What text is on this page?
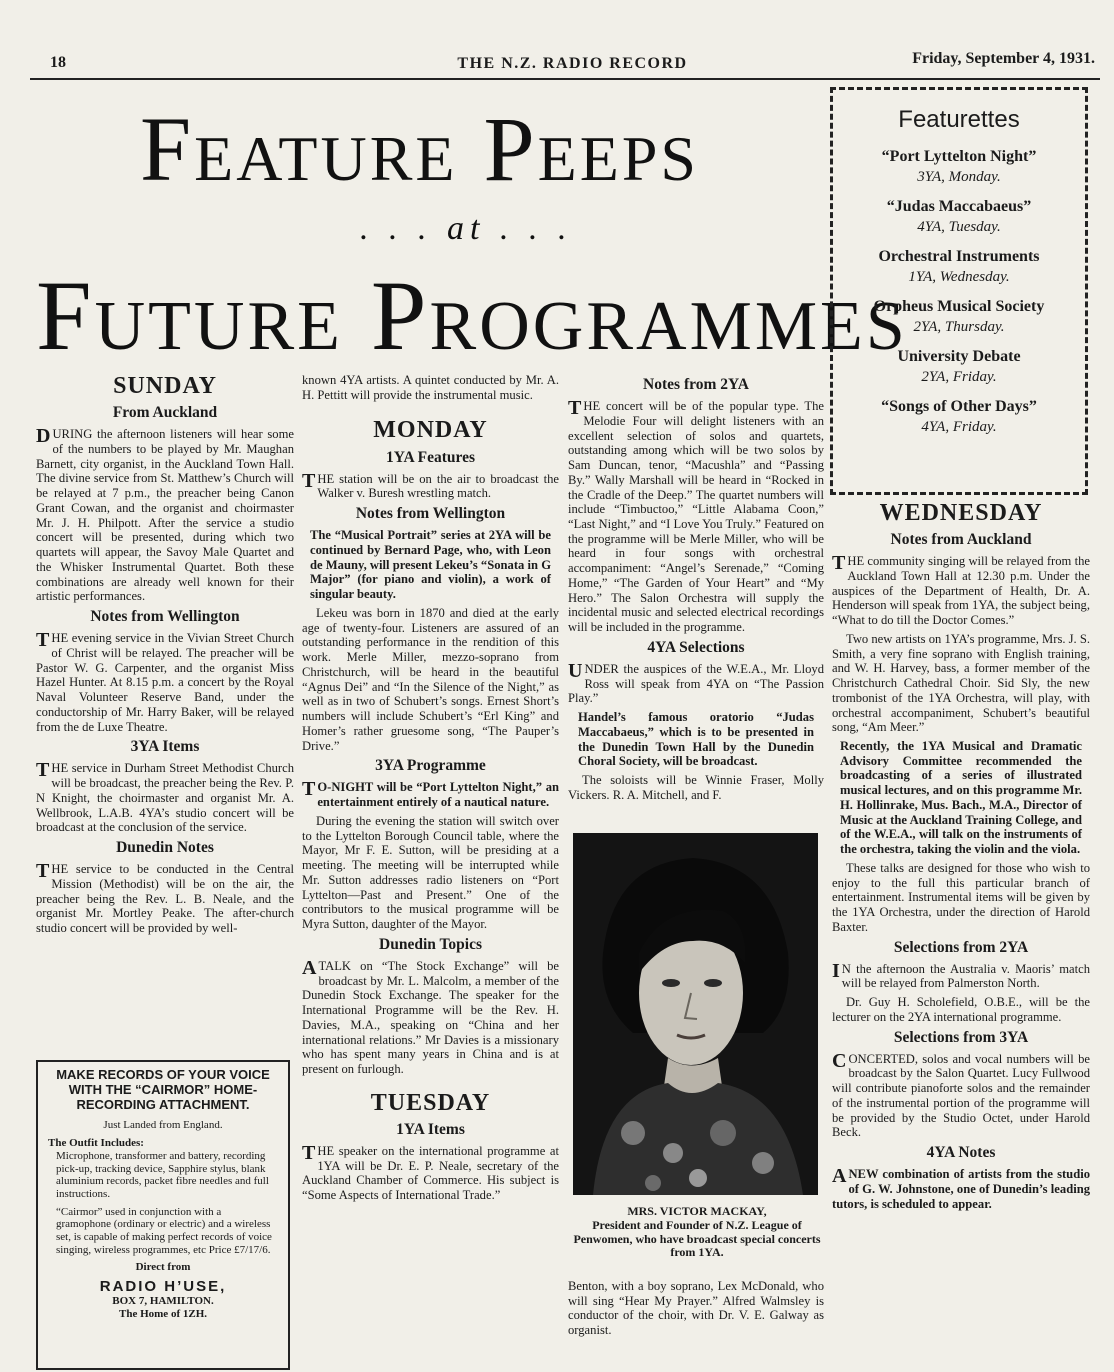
18	THE N.Z. RADIO RECORD	Friday, September 4, 1931.
Feature Peeps
. . . at . . .
Future Programmes
Featurettes
“Port Lyttelton Night”
3YA, Monday.
“Judas Maccabaeus”
4YA, Tuesday.
Orchestral Instruments
1YA, Wednesday.
Orpheus Musical Society
2YA, Thursday.
University Debate
2YA, Friday.
“Songs of Other Days”
4YA, Friday.
SUNDAY
From Auckland

DURING the afternoon listeners will hear some of the numbers to be played by Mr. Maughan Barnett, city organist, in the Auckland Town Hall. The divine service from St. Matthew’s Church will be relayed at 7 p.m., the preacher being Canon Grant Cowan, and the organist and choirmaster Mr. J. H. Philpott. After the service a studio concert will be presented, during which two quartets will appear, the Savoy Male Quartet and the Whisker Instrumental Quartet. Both these combinations are already well known for their artistic performances.

Notes from Wellington

THE evening service in the Vivian Street Church of Christ will be relayed. The preacher will be Pastor W. G. Carpenter, and the organist Miss Hazel Hunter. At 8.15 p.m. a concert by the Royal Naval Volunteer Reserve Band, under the conductorship of Mr. Harry Baker, will be relayed from the de Luxe Theatre.

3YA Items

THE service in Durham Street Methodist Church will be broadcast, the preacher being the Rev. P. N Knight, the choirmaster and organist Mr. A. Wellbrook, L.A.B. 4YA’s studio concert will be broadcast at the conclusion of the service.

Dunedin Notes

THE service to be conducted in the Central Mission (Methodist) will be on the air, the preacher being the Rev. L. B. Neale, and the organist Mr. Mortley Peake. The after-church studio concert will be provided by well-

MAKE RECORDS OF YOUR VOICE WITH THE “CAIRMOR” HOME-RECORDING ATTACHMENT.
Just Landed from England.
The Outfit Includes:
Microphone, transformer and battery, recording pick-up, tracking device, Sapphire stylus, blank aluminium records, packet fibre needles and full instructions.
“Cairmor” used in conjunction with a gramophone (ordinary or electric) and a wireless set, is capable of making perfect records of voice singing, wireless programmes, etc Price £7/17/6.
Direct from
RADIO H’USE,
BOX 7, HAMILTON.
The Home of 1ZH.

known 4YA artists. A quintet conducted by Mr. A. H. Pettitt will provide the instrumental music.

MONDAY
1YA Features

THE station will be on the air to broadcast the Walker v. Buresh wrestling match.

Notes from Wellington

The “Musical Portrait” series at 2YA will be continued by Bernard Page, who, with Leon de Mauny, will present Lekeu’s “Sonata in G Major” (for piano and violin), a work of singular beauty.

Lekeu was born in 1870 and died at the early age of twenty-four. Listeners are assured of an outstanding performance in the rendition of this work. Merle Miller, mezzo-soprano from Christchurch, will be heard in the beautiful “Agnus Dei” and “In the Silence of the Night,” as well as in two of Schubert’s songs. Ernest Short’s numbers will include Schubert’s “Erl King” and Homer’s rather gruesome song, “The Pauper’s Drive.”

3YA Programme

TO-NIGHT will be “Port Lyttelton Night,” an entertainment entirely of a nautical nature.

During the evening the station will switch over to the Lyttelton Borough Council table, where the Mayor, Mr F. E. Sutton, will be presiding at a meeting. The meeting will be interrupted while Mr. Sutton addresses radio listeners on “Port Lyttelton—Past and Present.” One of the contributors to the musical programme will be Myra Sutton, daughter of the Mayor.

Dunedin Topics

ATALK on “The Stock Exchange” will be broadcast by Mr. L. Malcolm, a member of the Dunedin Stock Exchange. The speaker for the International Programme will be the Rev. H. Davies, M.A., speaking on “China and her international relations.” Mr Davies is a missionary who has spent many years in China and is at present on furlough.

TUESDAY
1YA Items

THE speaker on the international programme at 1YA will be Dr. E. P. Neale, secretary of the Auckland Chamber of Commerce. His subject is “Some Aspects of International Trade.”

Notes from 2YA

THE concert will be of the popular type. The Melodie Four will delight listeners with an excellent selection of solos and quartets, outstanding among which will be two solos by Sam Duncan, tenor, “Macushla” and “Passing By.” Wally Marshall will be heard in “Rocked in the Cradle of the Deep.” The quartet numbers will include “Timbuctoo,” “Little Alabama Coon,” “Last Night,” and “I Love You Truly.” Featured on the programme will be Merle Miller, who will be heard in four songs with orchestral accompaniment: “Angel’s Serenade,” “Coming Home,” “The Garden of Your Heart” and “My Hero.” The Salon Orchestra will supply the incidental music and selected electrical recordings will be included in the programme.

4YA Selections

UNDER the auspices of the W.E.A., Mr. Lloyd Ross will speak from 4YA on “The Passion Play.”

Handel’s famous oratorio “Judas Maccabaeus,” which is to be presented in the Dunedin Town Hall by the Dunedin Choral Society, will be broadcast.

The soloists will be Winnie Fraser, Molly Vickers. R. A. Mitchell, and F.

MRS. VICTOR MACKAY,
President and Founder of N.Z. League of Penwomen, who have broadcast special concerts from 1YA.

Benton, with a boy soprano, Lex McDonald, who will sing “Hear My Prayer.” Alfred Walmsley is conductor of the choir, with Dr. V. E. Galway as organist.

WEDNESDAY
Notes from Auckland

THE community singing will be relayed from the Auckland Town Hall at 12.30 p.m. Under the auspices of the Department of Health, Dr. A. Henderson will speak from 1YA, the subject being, “What to do till the Doctor Comes.”

Two new artists on 1YA’s programme, Mrs. J. S. Smith, a very fine soprano with English training, and W. H. Harvey, bass, a former member of the Christchurch Cathedral Choir. Sid Sly, the new trombonist of the 1YA Orchestra, will play, with orchestral accompaniment, Schubert’s beautiful song, “Am Meer.”

Recently, the 1YA Musical and Dramatic Advisory Committee recommended the broadcasting of a series of illustrated musical lectures, and on this programme Mr. H. Hollinrake, Mus. Bach., M.A., Director of Music at the Auckland Training College, and of the W.E.A., will talk on the instruments of the orchestra, taking the violin and the viola.

These talks are designed for those who wish to enjoy to the full this particular branch of entertainment. Instrumental items will be given by the 1YA Orchestra, under the direction of Harold Baxter.

Selections from 2YA

IN the afternoon the Australia v. Maoris’ match will be relayed from Palmerston North.

Dr. Guy H. Scholefield, O.B.E., will be the lecturer on the 2YA international programme.

Selections from 3YA

CONCERTED, solos and vocal numbers will be broadcast by the Salon Quartet. Lucy Fullwood will contribute pianoforte solos and the remainder of the instrumental portion of the programme will be provided by the Studio Octet, under Harold Beck.

4YA Notes

ANEW combination of artists from the studio of G. W. Johnstone, one of Dunedin’s leading tutors, is scheduled to appear.
